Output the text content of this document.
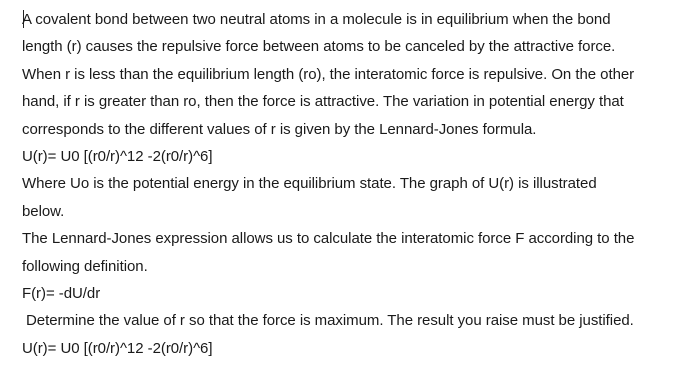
A covalent bond between two neutral atoms in a molecule is in equilibrium when the bond
length (r) causes the repulsive force between atoms to be canceled by the attractive force.
When r is less than the equilibrium length (ro), the interatomic force is repulsive. On the other
hand, if r is greater than ro, then the force is attractive. The variation in potential energy that
corresponds to the different values of r is given by the Lennard-Jones formula.
U(r)= U0 [(r0/r)^12 -2(r0/r)^6]
Where Uo is the potential energy in the equilibrium state. The graph of U(r) is illustrated
below.
The Lennard-Jones expression allows us to calculate the interatomic force F according to the
following definition.
F(r)= -dU/dr
Determine the value of r so that the force is maximum. The result you raise must be justified.
U(r)= U0 [(r0/r)^12 -2(r0/r)^6]
